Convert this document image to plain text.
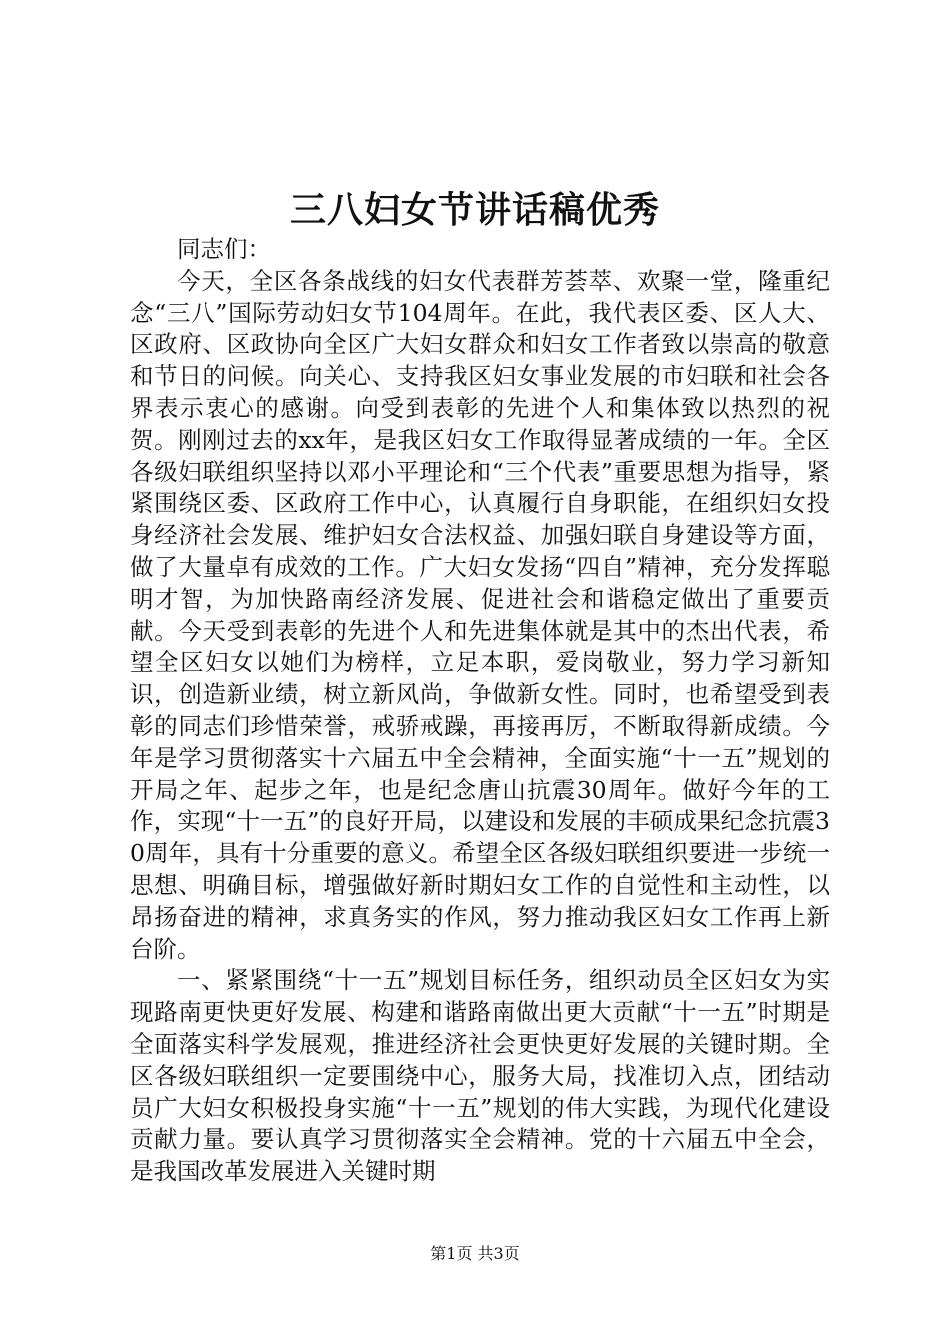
三八妇女节讲话稿优秀

同志们：

今天，全区各条战线的妇女代表群芳荟萃、欢聚一堂，隆重纪念“三八”国际劳动妇女节104周年。在此，我代表区委、区人大、区政府、区政协向全区广大妇女群众和妇女工作者致以崇高的敬意和节日的问候。向关心、支持我区妇女事业发展的市妇联和社会各界表示衷心的感谢。向受到表彰的先进个人和集体致以热烈的祝贺。刚刚过去的xx年，是我区妇女工作取得显著成绩的一年。全区各级妇联组织坚持以邓小平理论和“三个代表”重要思想为指导，紧紧围绕区委、区政府工作中心，认真履行自身职能，在组织妇女投身经济社会发展、维护妇女合法权益、加强妇联自身建设等方面，做了大量卓有成效的工作。广大妇女发扬“四自”精神，充分发挥聪明才智，为加快路南经济发展、促进社会和谐稳定做出了重要贡献。今天受到表彰的先进个人和先进集体就是其中的杰出代表，希望全区妇女以她们为榜样，立足本职，爱岗敬业，努力学习新知识，创造新业绩，树立新风尚，争做新女性。同时，也希望受到表彰的同志们珍惜荣誉，戒骄戒躁，再接再厉，不断取得新成绩。今年是学习贯彻落实十六届五中全会精神，全面实施“十一五”规划的开局之年、起步之年，也是纪念唐山抗震30周年。做好今年的工作，实现“十一五”的良好开局，以建设和发展的丰硕成果纪念抗震30周年，具有十分重要的意义。希望全区各级妇联组织要进一步统一思想、明确目标，增强做好新时期妇女工作的自觉性和主动性，以昂扬奋进的精神，求真务实的作风，努力推动我区妇女工作再上新台阶。

一、紧紧围绕“十一五”规划目标任务，组织动员全区妇女为实现路南更快更好发展、构建和谐路南做出更大贡献“十一五”时期是全面落实科学发展观，推进经济社会更快更好发展的关键时期。全区各级妇联组织一定要围绕中心，服务大局，找准切入点，团结动员广大妇女积极投身实施“十一五”规划的伟大实践，为现代化建设贡献力量。要认真学习贯彻落实全会精神。党的十六届五中全会，是我国改革发展进入关键时期

第1页 共3页
